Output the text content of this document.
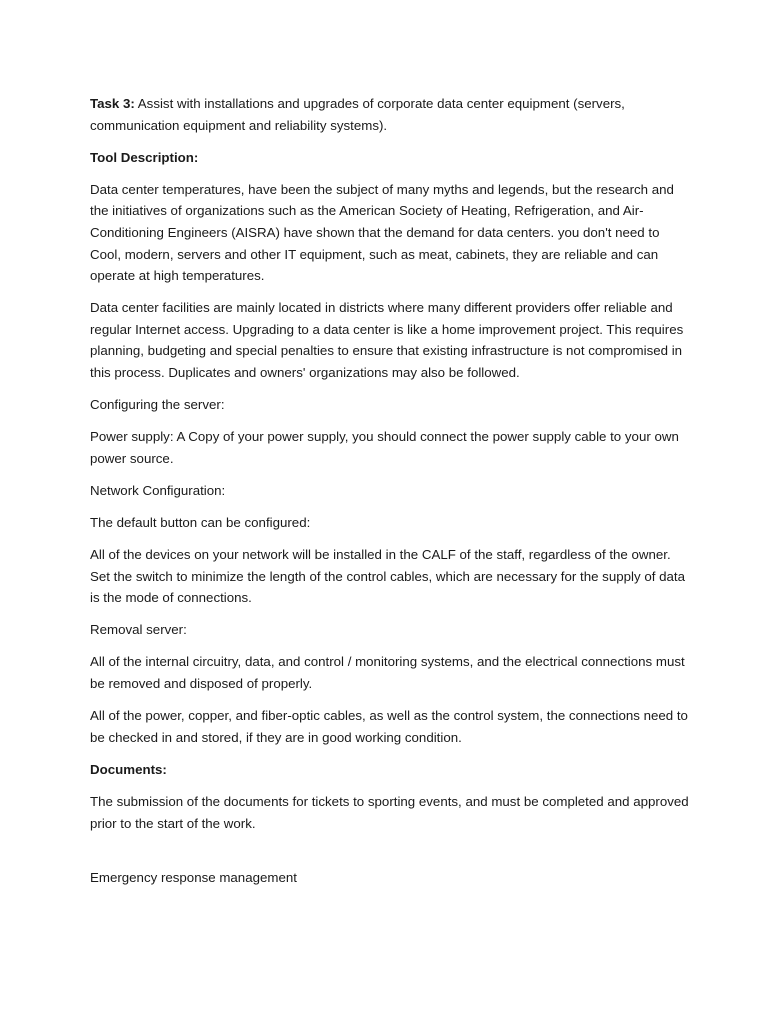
Task 3: Assist with installations and upgrades of corporate data center equipment (servers, communication equipment and reliability systems).

Tool Description:

Data center temperatures, have been the subject of many myths and legends, but the research and the initiatives of organizations such as the American Society of Heating, Refrigeration, and Air-Conditioning Engineers (AISRA) have shown that the demand for data centers. you don't need to Cool, modern, servers and other IT equipment, such as meat, cabinets, they are reliable and can operate at high temperatures.

Data center facilities are mainly located in districts where many different providers offer reliable and regular Internet access. Upgrading to a data center is like a home improvement project. This requires planning, budgeting and special penalties to ensure that existing infrastructure is not compromised in this process. Duplicates and owners' organizations may also be followed.

Configuring the server:

Power supply: A Copy of your power supply, you should connect the power supply cable to your own power source.

Network Configuration:

The default button can be configured:

All of the devices on your network will be installed in the CALF of the staff, regardless of the owner. Set the switch to minimize the length of the control cables, which are necessary for the supply of data is the mode of connections.

Removal server:

All of the internal circuitry, data, and control / monitoring systems, and the electrical connections must be removed and disposed of properly.

All of the power, copper, and fiber-optic cables, as well as the control system, the connections need to be checked in and stored, if they are in good working condition.

Documents:

The submission of the documents for tickets to sporting events, and must be completed and approved prior to the start of the work.

Emergency response management
